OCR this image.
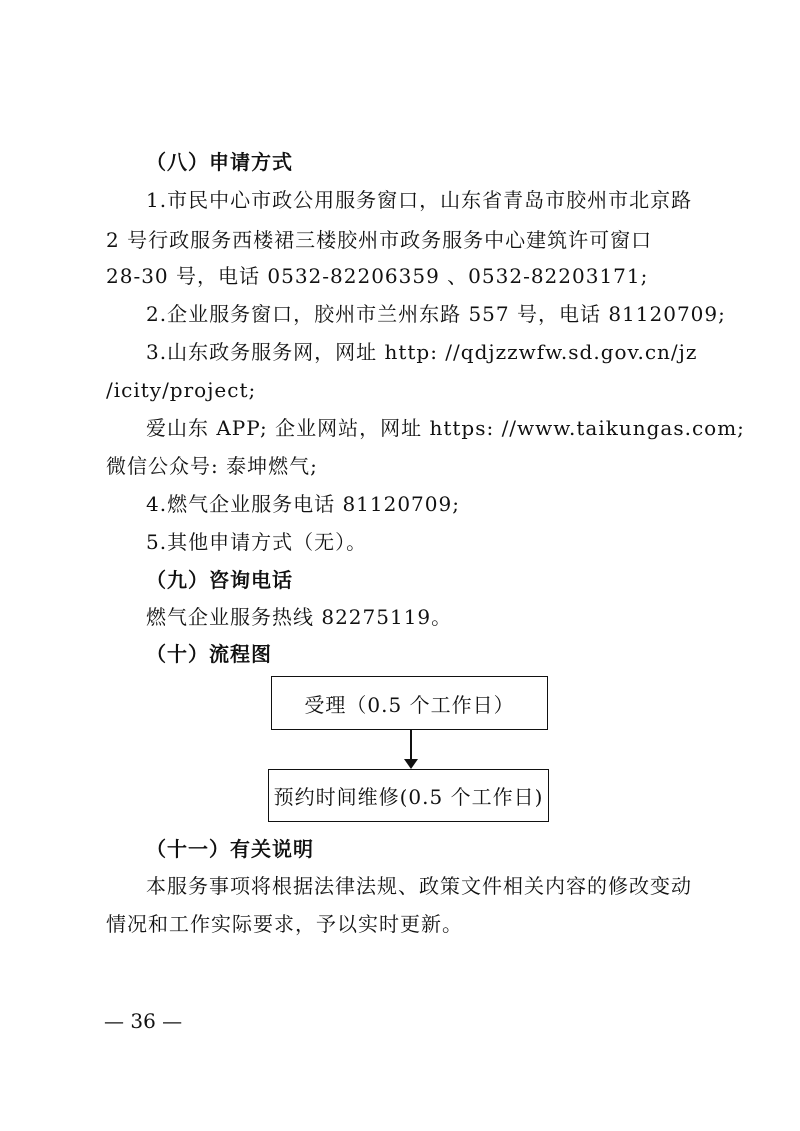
（八）申请方式
1.市民中心市政公用服务窗口，山东省青岛市胶州市北京路
2 号行政服务西楼裙三楼胶州市政务服务中心建筑许可窗口
28-30 号，电话 0532-82206359 、0532-82203171;
2.企业服务窗口，胶州市兰州东路 557 号，电话 81120709;
3.山东政务服务网，网址 http: //qdjzzwfw.sd.gov.cn/jz
/icity/project;
爱山东 APP; 企业网站，网址 https: //www.taikungas.com;
微信公众号: 泰坤燃气;
4.燃气企业服务电话 81120709;
5.其他申请方式（无）。
（九）咨询电话
燃气企业服务热线 82275119。
（十）流程图
受理（0.5 个工作日）
预约时间维修(0.5 个工作日)
（十一）有关说明
本服务事项将根据法律法规、政策文件相关内容的修改变动
情况和工作实际要求，予以实时更新。
— 36 —
